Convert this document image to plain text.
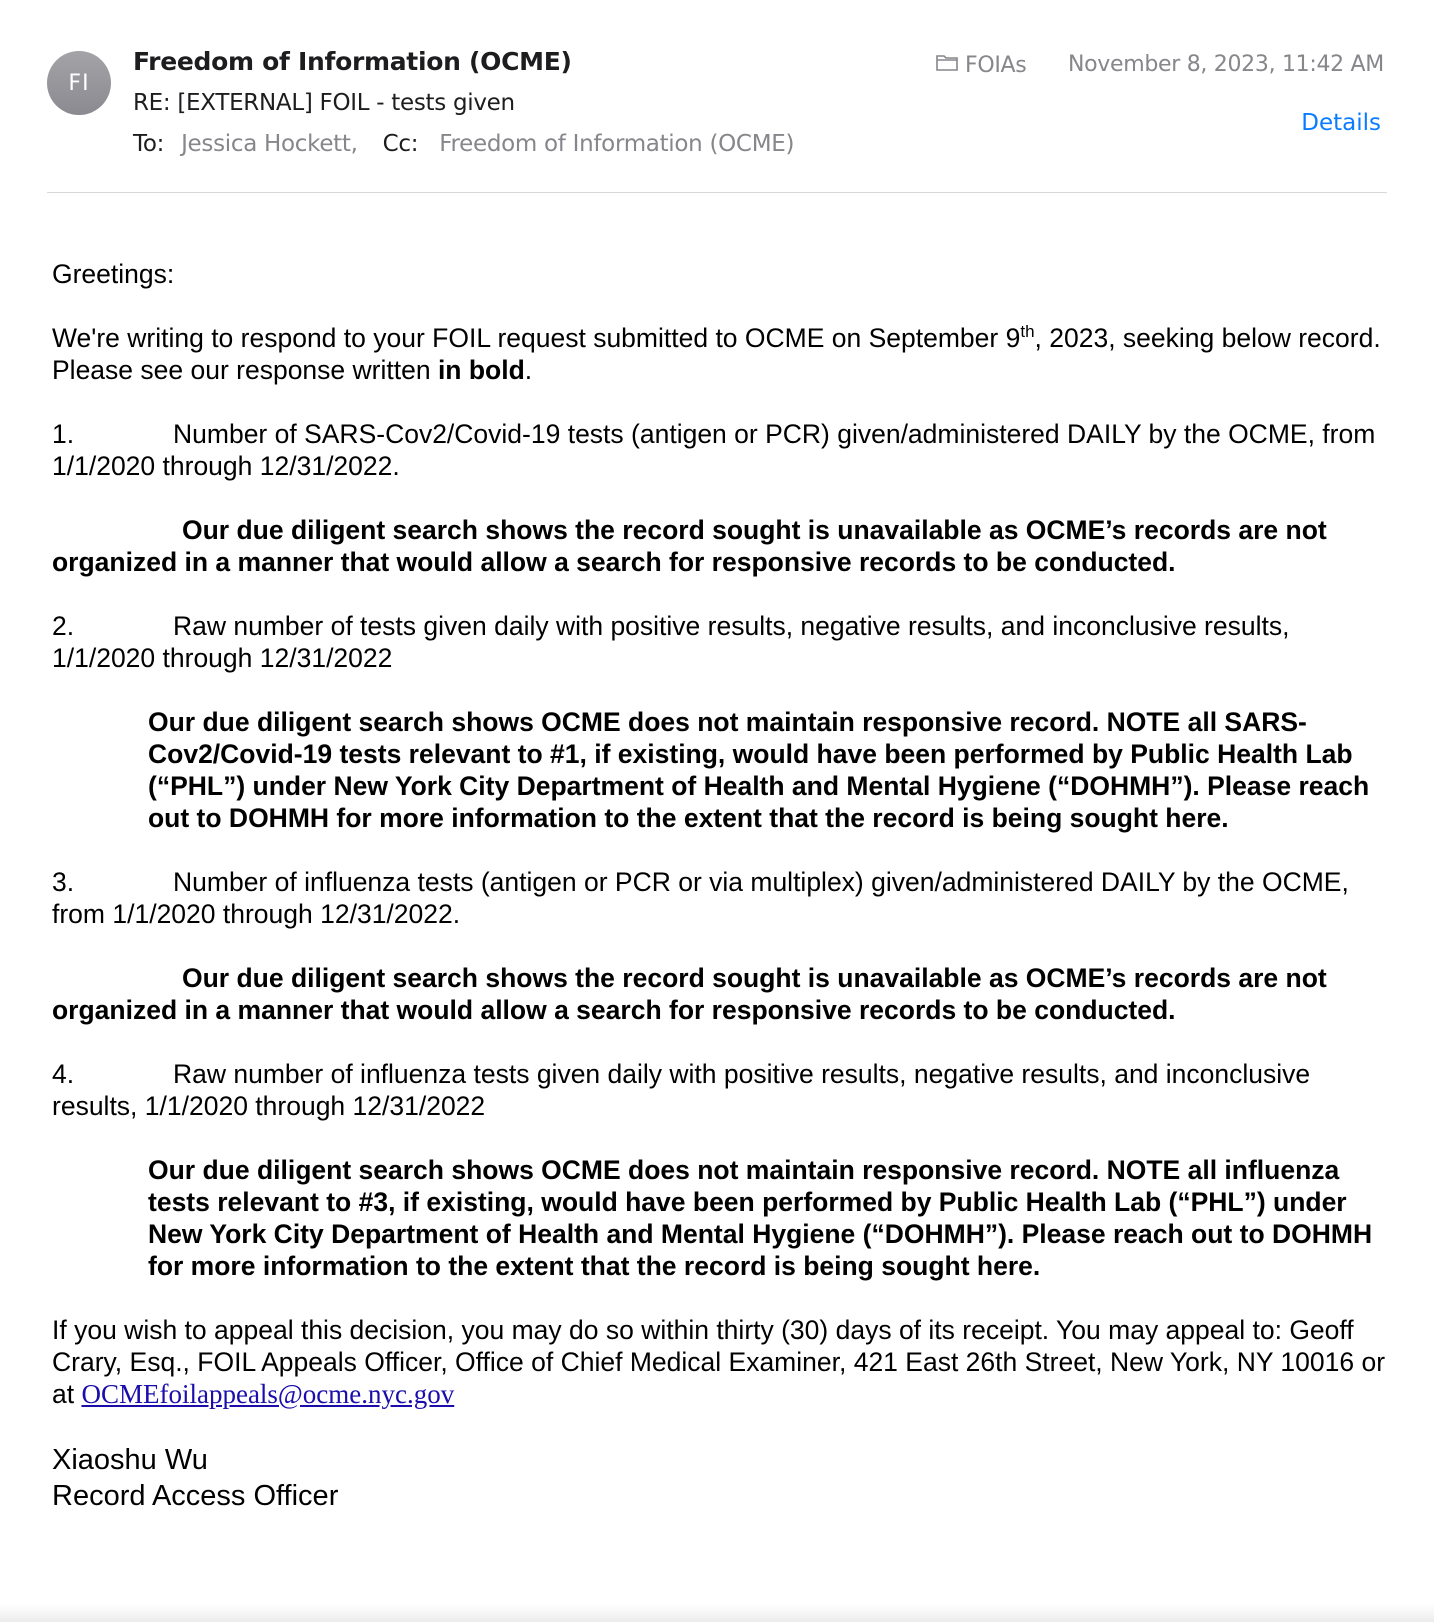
FI
Freedom of Information (OCME)
RE: [EXTERNAL] FOIL - tests given
To: Jessica Hockett, Cc: Freedom of Information (OCME)
FOIAs November 8, 2023, 11:42 AM
Details

Greetings:

We're writing to respond to your FOIL request submitted to OCME on September 9th, 2023, seeking below record. Please see our response written in bold.

1.	Number of SARS-Cov2/Covid-19 tests (antigen or PCR) given/administered DAILY by the OCME, from 1/1/2020 through 12/31/2022.

Our due diligent search shows the record sought is unavailable as OCME’s records are not organized in a manner that would allow a search for responsive records to be conducted.

2.	Raw number of tests given daily with positive results, negative results, and inconclusive results, 1/1/2020 through 12/31/2022

Our due diligent search shows OCME does not maintain responsive record. NOTE all SARS-Cov2/Covid-19 tests relevant to #1, if existing, would have been performed by Public Health Lab (“PHL”) under New York City Department of Health and Mental Hygiene (“DOHMH”). Please reach out to DOHMH for more information to the extent that the record is being sought here.

3.	Number of influenza tests (antigen or PCR or via multiplex) given/administered DAILY by the OCME, from 1/1/2020 through 12/31/2022.

Our due diligent search shows the record sought is unavailable as OCME’s records are not organized in a manner that would allow a search for responsive records to be conducted.

4.	Raw number of influenza tests given daily with positive results, negative results, and inconclusive results, 1/1/2020 through 12/31/2022

Our due diligent search shows OCME does not maintain responsive record. NOTE all influenza tests relevant to #3, if existing, would have been performed by Public Health Lab (“PHL”) under New York City Department of Health and Mental Hygiene (“DOHMH”). Please reach out to DOHMH for more information to the extent that the record is being sought here.

If you wish to appeal this decision, you may do so within thirty (30) days of its receipt. You may appeal to: Geoff Crary, Esq., FOIL Appeals Officer, Office of Chief Medical Examiner, 421 East 26th Street, New York, NY 10016 or at OCMEfoilappeals@ocme.nyc.gov

Xiaoshu Wu

Record Access Officer
